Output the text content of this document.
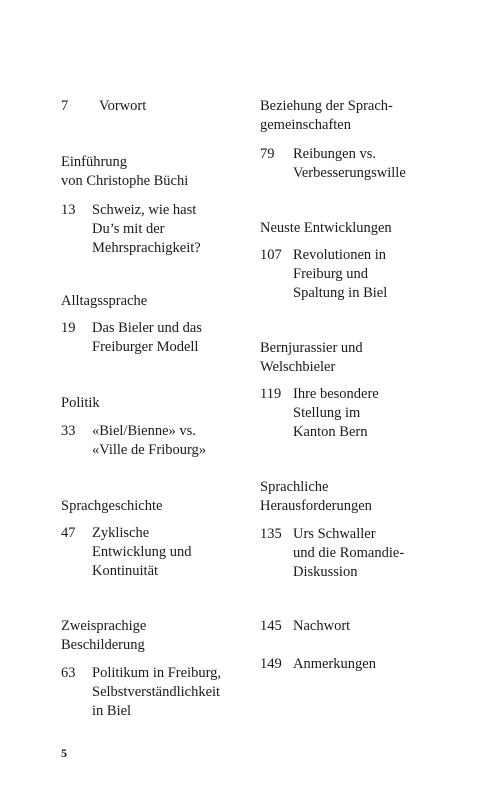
7	Vorwort
Einführung
von Christophe Büchi
13	Schweiz, wie hast
Du’s mit der
Mehrsprachigkeit?
Alltagssprache
19	Das Bieler und das
Freiburger Modell
Politik
33	«Biel/Bienne» vs.
«Ville de Fribourg»
Sprachgeschichte
47	Zyklische
Entwicklung und
Kontinuität
Zweisprachige
Beschilderung
63	Politikum in Freiburg,
Selbstverständlichkeit
in Biel
Beziehung der Sprach-
gemeinschaften
79	Reibungen vs.
Verbesserungswille
Neuste Entwicklungen
107 Revolutionen in
Freiburg und
Spaltung in Biel
Bernjurassier und
Welschbieler
119 Ihre besondere
Stellung im
Kanton Bern
Sprachliche
Herausforderungen
135 Urs Schwaller
und die Romandie-
Diskussion
145 Nachwort
149 Anmerkungen
5
